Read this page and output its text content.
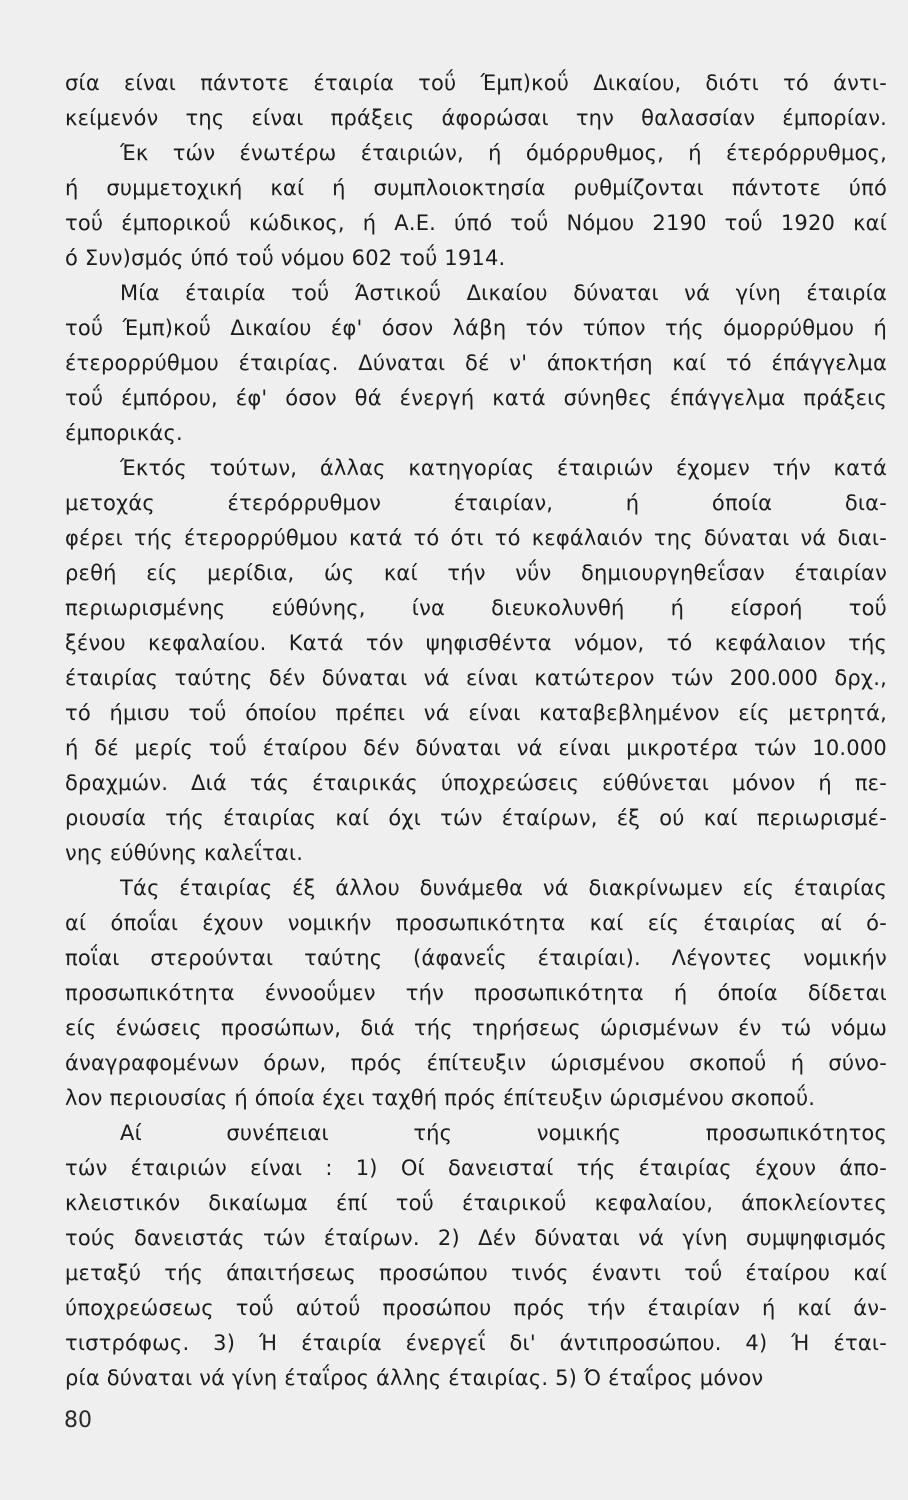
σία είναι πάντοτε έταιρία τοΰ Έμπ)κοΰ Δικαίου, διότι τό άντι-
κείμενόν της είναι πράξεις άφορώσαι την θαλασσίαν έμπορίαν.
Έκ τών ένωτέρω έταιριών, ή όμόρρυθμος, ή έτερόρρυθμος,
ή συμμετοχική καί ή συμπλοιοκτησία ρυθμίζονται πάντοτε ύπό
τοΰ έμπορικοΰ κώδικος, ή Α.Ε. ύπό τοΰ Νόμου 2190 τοΰ 1920 καί
ό Συν)σμός ύπό τοΰ νόμου 602 τοΰ 1914.
Μία έταιρία τοΰ Άστικοΰ Δικαίου δύναται νά γίνη έταιρία
τοΰ Έμπ)κοΰ Δικαίου έφ' όσον λάβη τόν τύπον τής όμορρύθμου ή
έτερορρύθμου έταιρίας. Δύναται δέ ν' άποκτήση καί τό έπάγγελμα
τοΰ έμπόρου, έφ' όσον θά ένεργή κατά σύνηθες έπάγγελμα πράξεις
έμπορικάς.
Έκτός τούτων, άλλας κατηγορίας έταιριών έχομεν τήν κατά
μετοχάς έτερόρρυθμον έταιρίαν, ή όποία δια-
φέρει τής έτερορρύθμου κατά τό ότι τό κεφάλαιόν της δύναται νά διαι-
ρεθή είς μερίδια, ώς καί τήν νΰν δημιουργηθεΐσαν έταιρίαν
περιωρισμένης εύθύνης, ίνα διευκολυνθή ή είσροή τοΰ
ξένου κεφαλαίου. Κατά τόν ψηφισθέντα νόμον, τό κεφάλαιον τής
έταιρίας ταύτης δέν δύναται νά είναι κατώτερον τών 200.000 δρχ.,
τό ήμισυ τοΰ όποίου πρέπει νά είναι καταβεβλημένον είς μετρητά,
ή δέ μερίς τοΰ έταίρου δέν δύναται νά είναι μικροτέρα τών 10.000
δραχμών. Διά τάς έταιρικάς ύποχρεώσεις εύθύνεται μόνον ή πε-
ριουσία τής έταιρίας καί όχι τών έταίρων, έξ ού καί περιωρισμέ-
νης εύθύνης καλεΐται.
Τάς έταιρίας έξ άλλου δυνάμεθα νά διακρίνωμεν είς έταιρίας
αί όποΐαι έχουν νομικήν προσωπικότητα καί είς έταιρίας αί ό-
ποΐαι στερούνται ταύτης (άφανεΐς έταιρίαι). Λέγοντες νομικήν
προσωπικότητα έννοοΰμεν τήν προσωπικότητα ή όποία δίδεται
είς ένώσεις προσώπων, διά τής τηρήσεως ώρισμένων έν τώ νόμω
άναγραφομένων όρων, πρός έπίτευξιν ώρισμένου σκοποΰ ή σύνο-
λον περιουσίας ή όποία έχει ταχθή πρός έπίτευξιν ώρισμένου σκοποΰ.
Αί συνέπειαι τής νομικής προσωπικότητος
τών έταιριών είναι : 1) Οί δανεισταί τής έταιρίας έχουν άπο-
κλειστικόν δικαίωμα έπί τοΰ έταιρικοΰ κεφαλαίου, άποκλείοντες
τούς δανειστάς τών έταίρων. 2) Δέν δύναται νά γίνη συμψηφισμός
μεταξύ τής άπαιτήσεως προσώπου τινός έναντι τοΰ έταίρου καί
ύποχρεώσεως τοΰ αύτοΰ προσώπου πρός τήν έταιρίαν ή καί άν-
τιστρόφως. 3) Ή έταιρία ένεργεΐ δι' άντιπροσώπου. 4) Ή έται-
ρία δύναται νά γίνη έταΐρος άλλης έταιρίας. 5) Ό έταΐρος μόνον
80
